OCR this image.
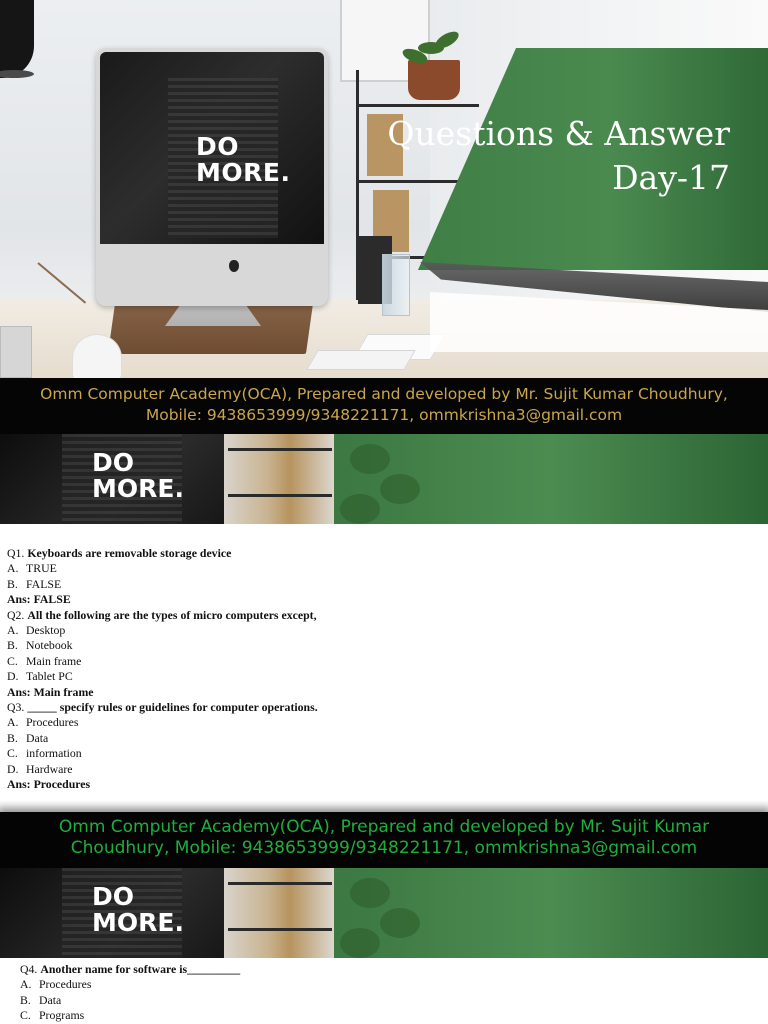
DO
MORE.
Questions & Answer
Day-17
Omm Computer Academy(OCA), Prepared and developed by Mr. Sujit Kumar Choudhury,
Mobile: 9438653999/9348221171, ommkrishna3@gmail.com
DO
MORE.
Q1. Keyboards are removable storage device
A. TRUE
B. FALSE
Ans: FALSE
Q2. All the following are the types of micro computers except,
A. Desktop
B. Notebook
C. Main frame
D. Tablet PC
Ans: Main frame
Q3. _____ specify rules or guidelines for computer operations.
A. Procedures
B. Data
C. information
D. Hardware
Ans: Procedures
Omm Computer Academy(OCA), Prepared and developed by Mr. Sujit Kumar
Choudhury, Mobile: 9438653999/9348221171, ommkrishna3@gmail.com
DO
MORE.
Q4. Another name for software is_________
A. Procedures
B. Data
C. Programs
